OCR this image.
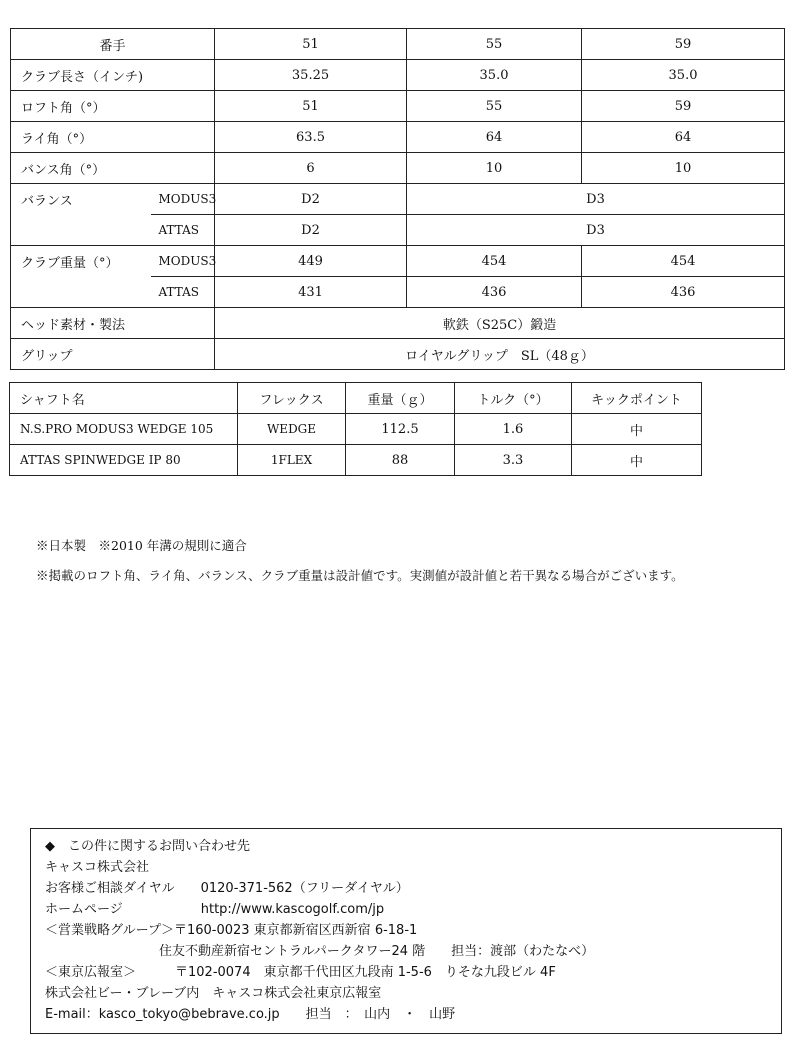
番手		51	55	59
クラブ長さ（インチ)		35.25	35.0	35.0
ロフト角（°）		51	55	59
ライ角（°）		63.5	64	64
バンス角（°）		6	10	10
バランス	MODUS3	D2	D3	
	ATTAS	D2	D3	
クラブ重量（°）	MODUS3	449	454	454
	ATTAS	431	436	436
ヘッド素材・製法		軟鉄（S25C）鍛造		
グリップ		ロイヤルグリップ　SL（48ｇ）		
シャフト名	フレックス	重量（ｇ）	トルク（°）	キックポイント
N.S.PRO MODUS3 WEDGE 105	WEDGE	112.5	1.6	中
ATTAS SPINWEDGE IP 80	1FLEX	88	3.3	中
※日本製　※2010 年溝の規則に適合
※掲載のロフト角、ライ角、バランス、クラブ重量は設計値です。実測値が設計値と若干異なる場合がございます。
◆　この件に関するお問い合わせ先
キャスコ株式会社
お客様ご相談ダイヤル　　0120-371-562（フリーダイヤル）
ホームページ　　　　　　http://www.kascogolf.com/jp
＜営業戦略グループ＞〒160-0023 東京都新宿区西新宿 6-18-1
住友不動産新宿セントラルパークタワー24 階　　担当：渡部（わたなべ）
＜東京広報室＞　　　〒102-0074　東京都千代田区九段南 1-5-6　りそな九段ビル 4F
株式会社ビー・ブレーブ内　キャスコ株式会社東京広報室
E-mail：kasco_tokyo@bebrave.co.jp　　担当　：　山内　・　山野
